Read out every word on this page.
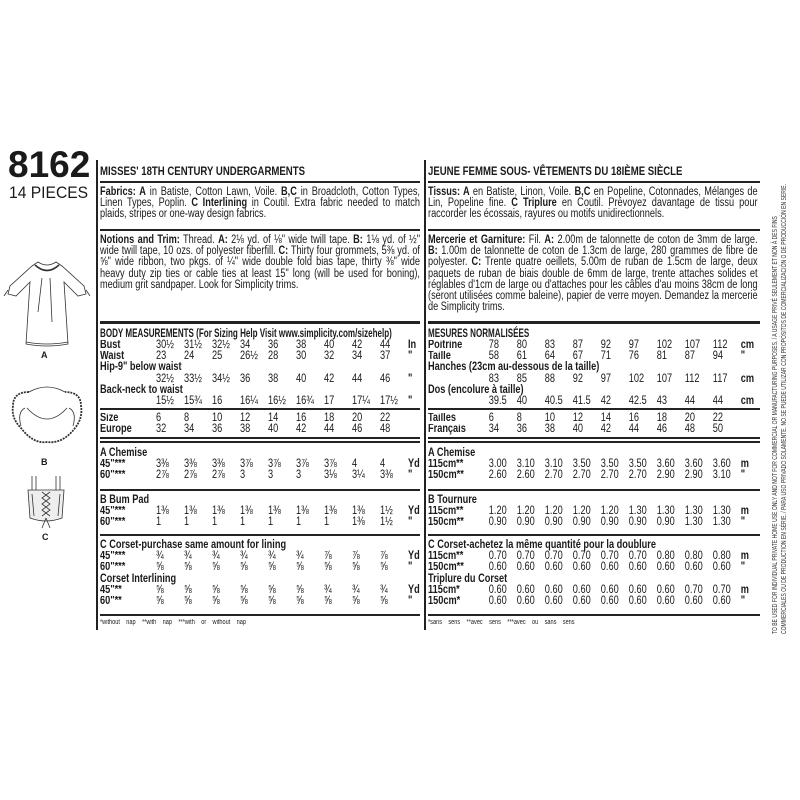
8162
14 PIECES
A
B
C
MISSES' 18TH CENTURY UNDERGARMENTS
Fabrics: A in Batiste, Cotton Lawn, Voile. B,C in Broadcloth, Cotton Types, Linen Types, Poplin. C Interlining in Coutil. Extra fabric needed to match plaids, stripes or one-way design fabrics.
Notions and Trim: Thread. A: 2⅛ yd. of ⅛" wide twill tape. B: 1⅛ yd. of ½" wide twill tape, 10 ozs. of polyester fiberfill. C: Thirty four grommets, 5⅜ yd. of ⅝" wide ribbon, two pkgs. of ¼" wide double fold bias tape, thirty ⅜" wide heavy duty zip ties or cable ties at least 15" long (will be used for boning), medium grit sandpaper. Look for Simplicity trims.
BODY MEASUREMENTS (For Sizing Help Visit www.simplicity.com/sizehelp)
Bust	30½ 31½ 32½ 34	36	38	40	42	44	In
Waist	23	24	25	26½ 28	30	32	34	37	"
Hip-9" below waist
32½ 33½ 34½ 36	38	40	42	44	46	"
Back-neck to waist
15½ 15¾ 16	16¼ 16½ 16¾ 17	17¼ 17½ "
Size	6	8	10	12	14	16	18	20	22
Europe	32	34	36	38	40	42	44	46	48
A Chemise
45"***	3⅜	3⅜	3⅜	3⅞	3⅞	3⅞	3⅞	4	4	Yd
60"***	2⅞	2⅞	2⅞	3	3	3	3⅛	3¼	3⅜	"
B Bum Pad
45"***	1⅜	1⅜	1⅜	1⅜	1⅜	1⅜	1⅜	1⅜	1½	Yd
60"***	1	1	1	1	1	1	1	1⅜	1½	"
C Corset-purchase same amount for lining
45"***	¾	¾	¾	¾	¾	¾	⅞	⅞	⅞	Yd
60"***	⅝	⅝	⅝	⅝	⅝	⅝	⅝	⅝	⅝	"
Corset Interlining
45"**	⅝	⅝	⅝	⅝	⅝	⅝	¾	¾	¾	Yd
60"**	⅝	⅝	⅝	⅝	⅝	⅝	⅝	⅝	⅝	"
*without nap **with nap ***with or without nap
JEUNE FEMME SOUS- VÊTEMENTS DU 18IÈME SIÈCLE
Tissus: A en Batiste, Linon, Voile. B,C en Popeline, Cotonnades, Mélanges de Lin, Popeline fine. C Triplure en Coutil. Prévoyez davantage de tissu pour raccorder les écossais, rayures ou motifs unidirectionnels.
Mercerie et Garniture: Fil. A: 2.00m de talonnette de coton de 3mm de large. B: 1.00m de talonnette de coton de 1.3cm de large, 280 grammes de fibre de polyester. C: Trente quatre oeillets, 5.00m de ruban de 1.5cm de large, deux paquets de ruban de biais double de 6mm de large, trente attaches solides et réglables d'1cm de large ou d'attaches pour les câbles d'au moins 38cm de long (seront utilisées comme baleine), papier de verre moyen. Demandez la mercerie de Simplicity trims.
MESURES NORMALISÉES
Poitrine	78	80	83	87	92	97	102	107	112	cm
Taille	58	61	64	67	71	76	81	87	94	"
Hanches (23cm au-dessous de la taille)
83	85	88	92	97	102	107	112	117	cm
Dos (encolure à taille)
39.5 40	40.5 41.5 42	42.5 43	44	44	cm
Tailles	6	8	10	12	14	16	18	20	22
Français	34	36	38	40	42	44	46	48	50
A Chemise
115cm**	3.00 3.10 3.10 3.50 3.50 3.50 3.60 3.60 3.60 m
150cm**	2.60 2.60 2.70 2.70 2.70 2.70 2.90 2.90 3.10 "
B Tournure
115cm**	1.20 1.20 1.20 1.20 1.20 1.30 1.30 1.30 1.30 m
150cm**	0.90 0.90 0.90 0.90 0.90 0.90 0.90 1.30 1.30 "
C Corset-achetez la même quantité pour la doublure
115cm**	0.70 0.70 0.70 0.70 0.70 0.70 0.80 0.80 0.80 m
150cm**	0.60 0.60 0.60 0.60 0.60 0.60 0.60 0.60 0.60 "
Triplure du Corset
115cm*	0.60 0.60 0.60 0.60 0.60 0.60 0.60 0.70 0.70 m
150cm*	0.60 0.60 0.60 0.60 0.60 0.60 0.60 0.60 0.60 "
*sans sens **avec sens ***avec ou sans sens	TO BE USED FOR INDIVIDUAL PRIVATE HOME USE ONLY AND NOT FOR COMMERCIAL OR MANUFACTURING PURPOSES. / A USAGE PRIVÉ SEULEMENT ET NON À DES FINS COMMERCIALES OU DE PRODUCTION EN SÉRIE. / PARA USO PRIVADO SOLAMENTE. NO SE PUEDE UTILIZAR CON PROPÓSITOS DE COMERCIALIZACIÓN O DE PRODUCCIÓN EN SERIE.
